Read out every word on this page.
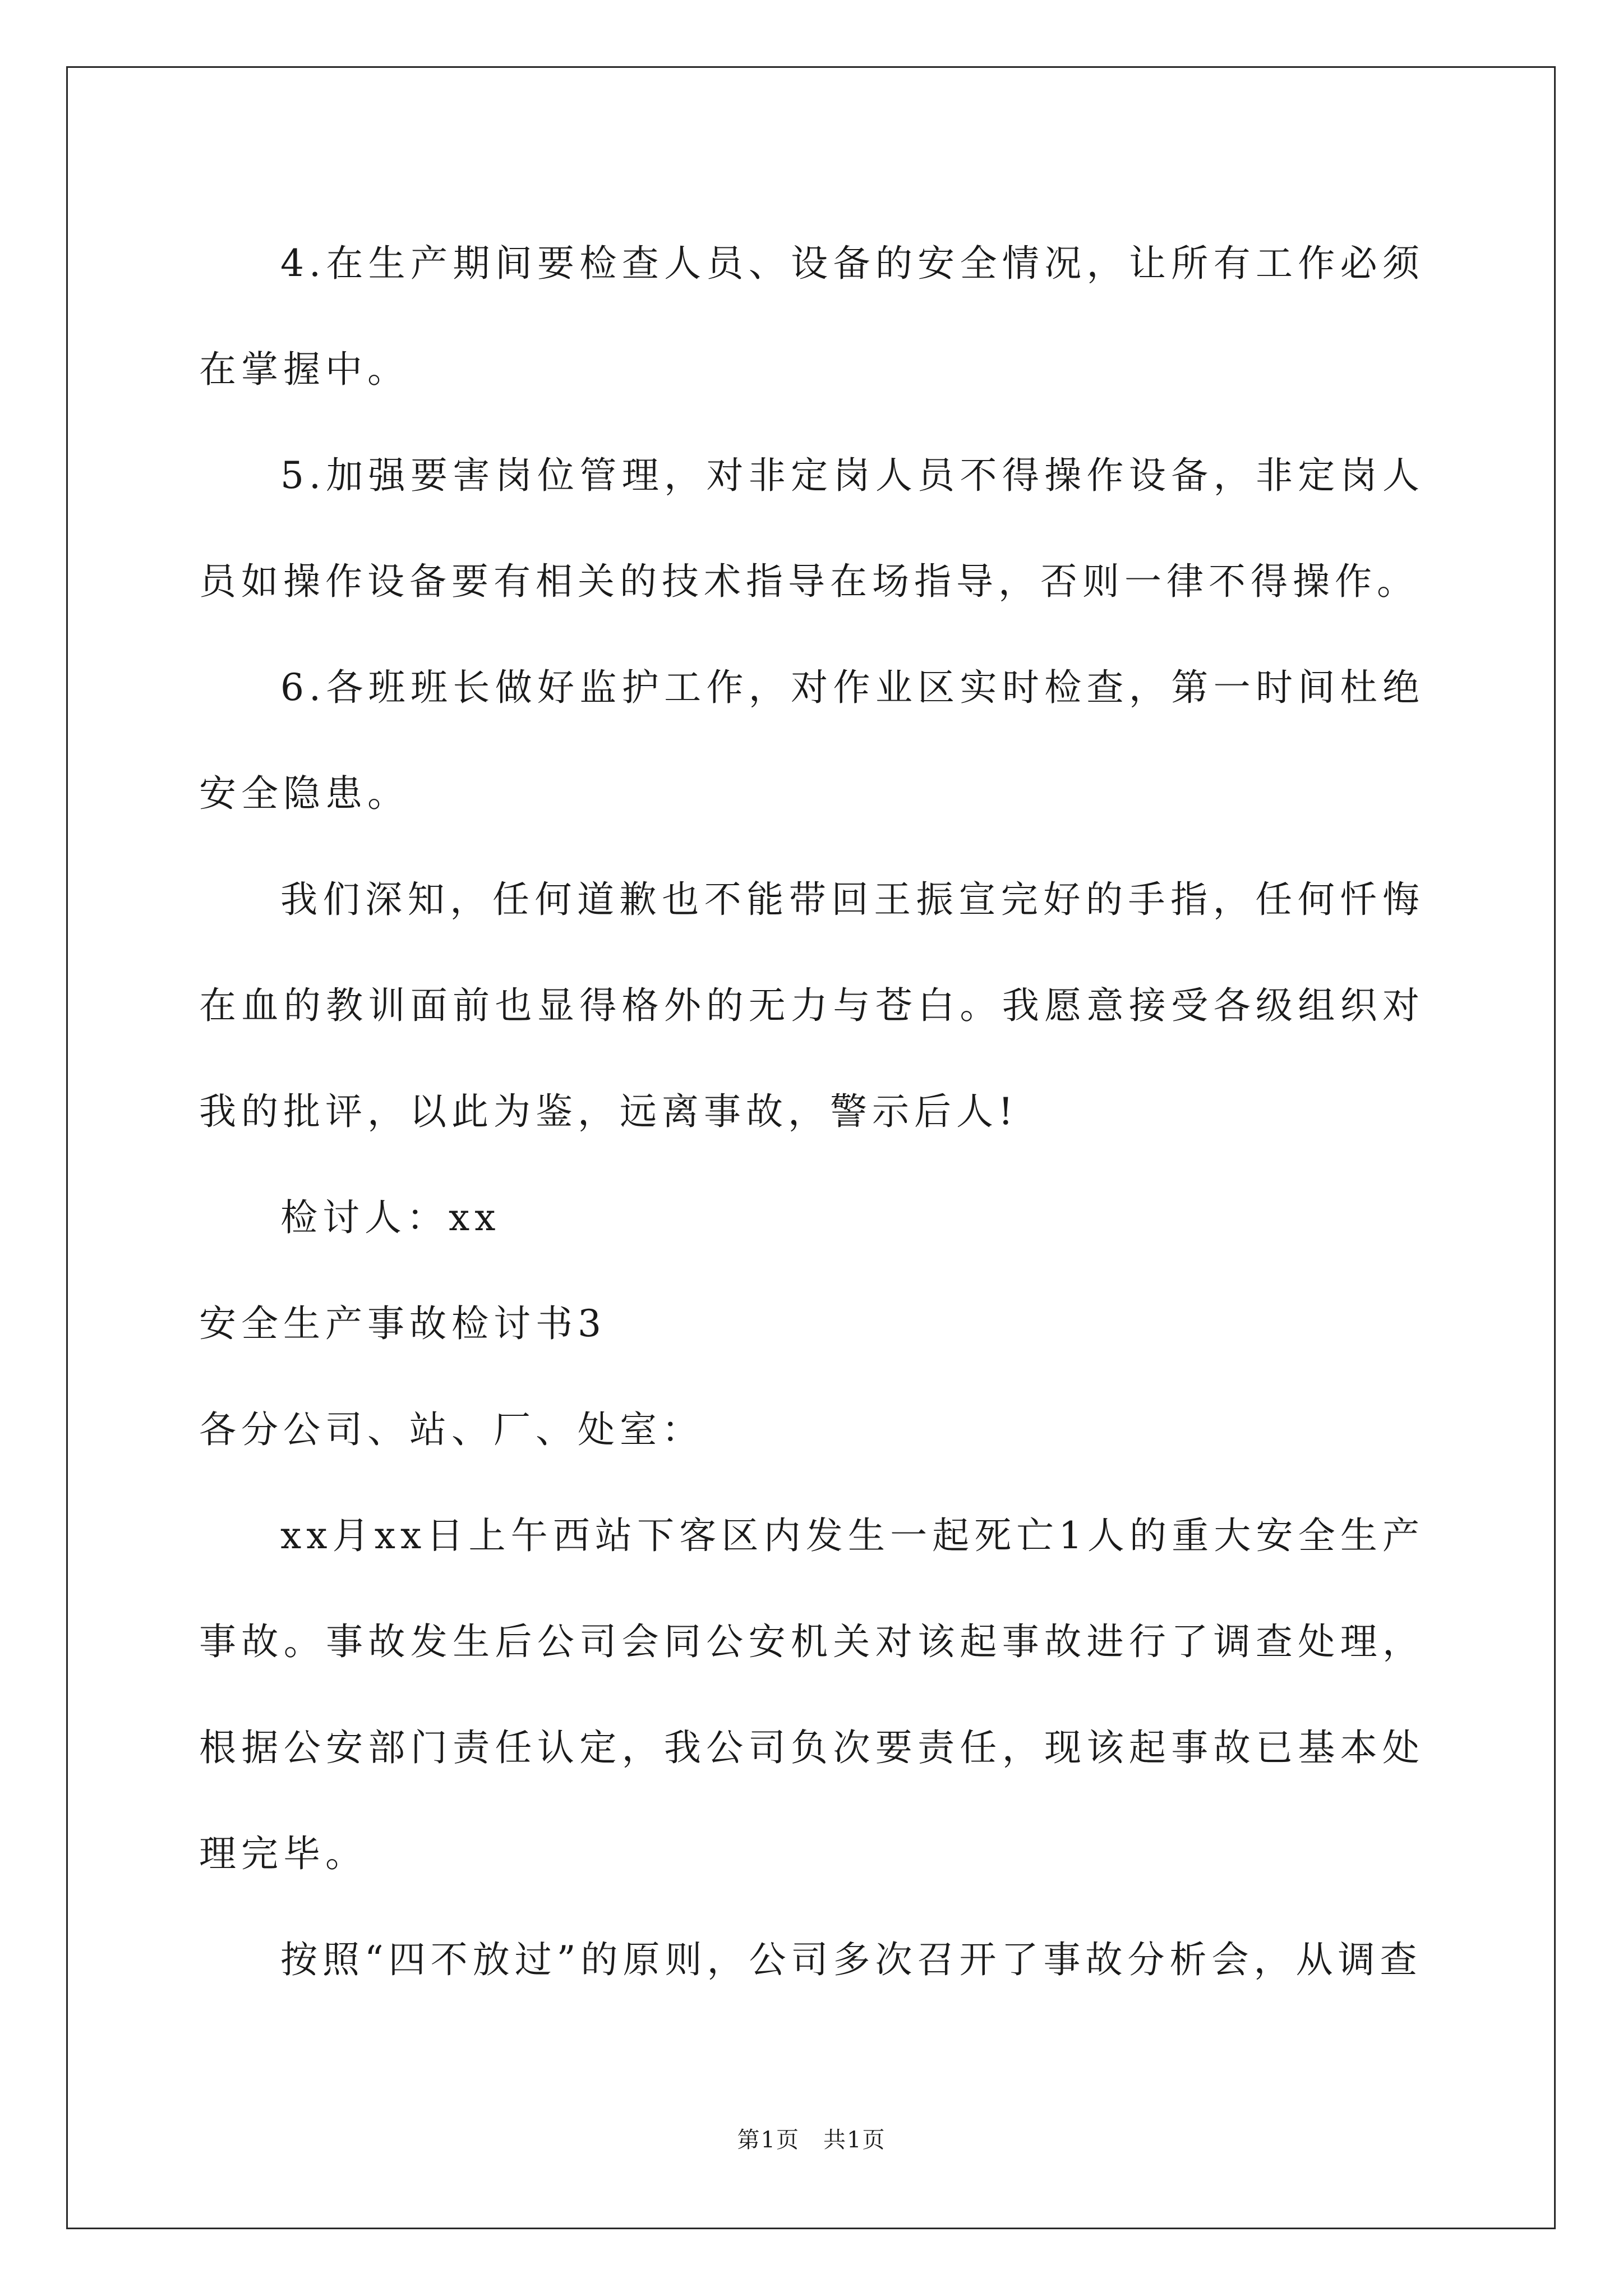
4.在生产期间要检查人员、设备的安全情况，让所有工作必须在掌握中。

5.加强要害岗位管理，对非定岗人员不得操作设备，非定岗人员如操作设备要有相关的技术指导在场指导，否则一律不得操作。

6.各班班长做好监护工作，对作业区实时检查，第一时间杜绝安全隐患。

我们深知，任何道歉也不能带回王振宣完好的手指，任何忏悔在血的教训面前也显得格外的无力与苍白。我愿意接受各级组织对我的批评，以此为鉴，远离事故，警示后人!

检讨人：xx

安全生产事故检讨书3

各分公司、站、厂、处室：

xx月xx日上午西站下客区内发生一起死亡1人的重大安全生产事故。事故发生后公司会同公安机关对该起事故进行了调查处理，根据公安部门责任认定，我公司负次要责任，现该起事故已基本处理完毕。

按照“四不放过”的原则，公司多次召开了事故分析会，从调查

第1页　共1页
